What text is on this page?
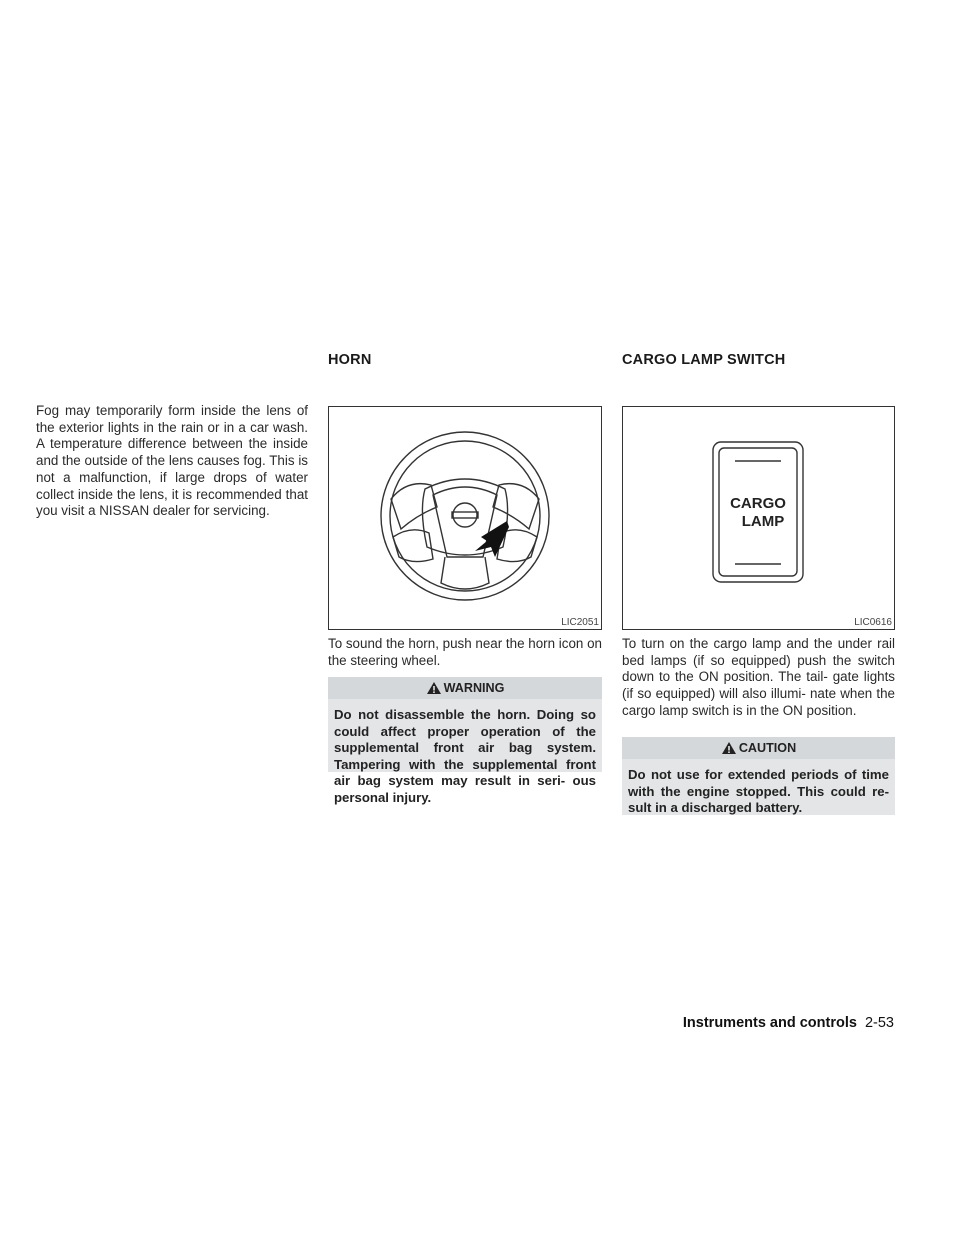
Fog may temporarily form inside the lens of the exterior lights in the rain or in a car wash. A temperature difference between the inside and the outside of the lens causes fog. This is not a malfunction, if large drops of water collect inside the lens, it is recommended that you visit a NISSAN dealer for servicing.

HORN
LIC2051

To sound the horn, push near the horn icon on the steering wheel.

WARNING
Do not disassemble the horn. Doing so could affect proper operation of the supplemental front air bag system. Tampering with the supplemental front air bag system may result in seri- ous personal injury.
CARGO LAMP SWITCH
CARGO
LAMP
LIC0616

To turn on the cargo lamp and the under rail bed lamps (if so equipped) push the switch down to the ON position. The tail- gate lights (if so equipped) will also illumi- nate when the cargo lamp switch is in the ON position.

CAUTION
Do not use for extended periods of time with the engine stopped. This could re- sult in a discharged battery.
Instruments and controls 2-53
